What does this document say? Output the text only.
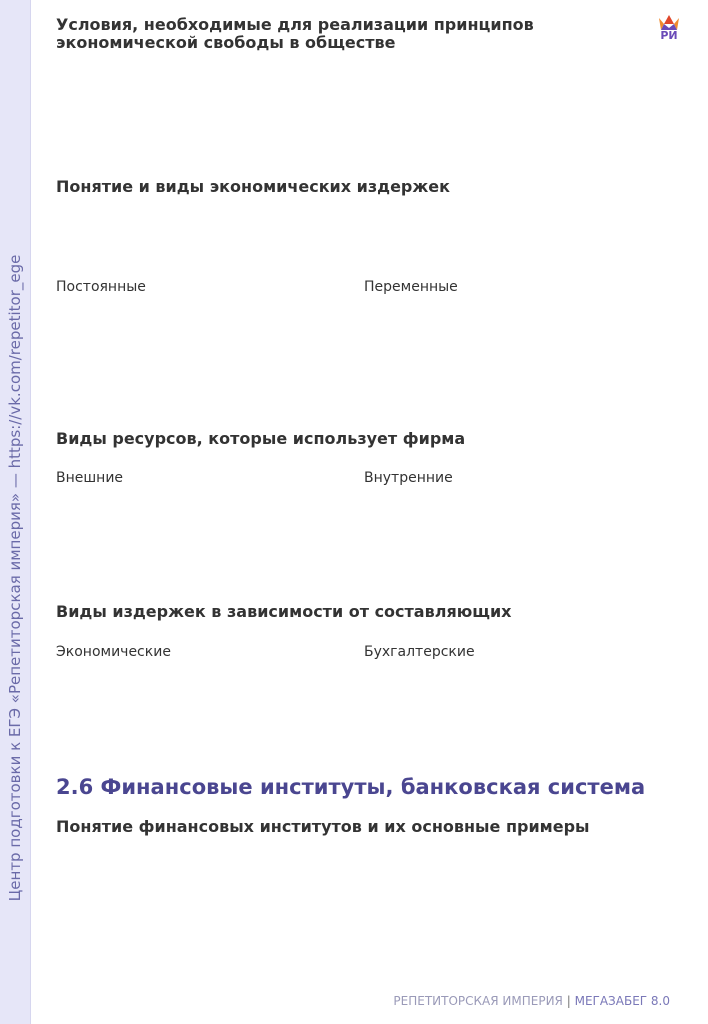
Центр подготовки к ЕГЭ «Репетиторская империя» — https://vk.com/repetitor_ege
РИ
Условия, необходимые для реализации принципов экономической свободы в обществе
Понятие и виды экономических издержек
Постоянные	Переменные
Виды ресурсов, которые использует фирма
Внешние	Внутренние
Виды издержек в зависимости от составляющих
Экономические	Бухгалтерские
2.6 Финансовые институты, банковская система
Понятие финансовых институтов и их основные примеры
РЕПЕТИТОРСКАЯ ИМПЕРИЯ | МЕГАЗАБЕГ 8.0
